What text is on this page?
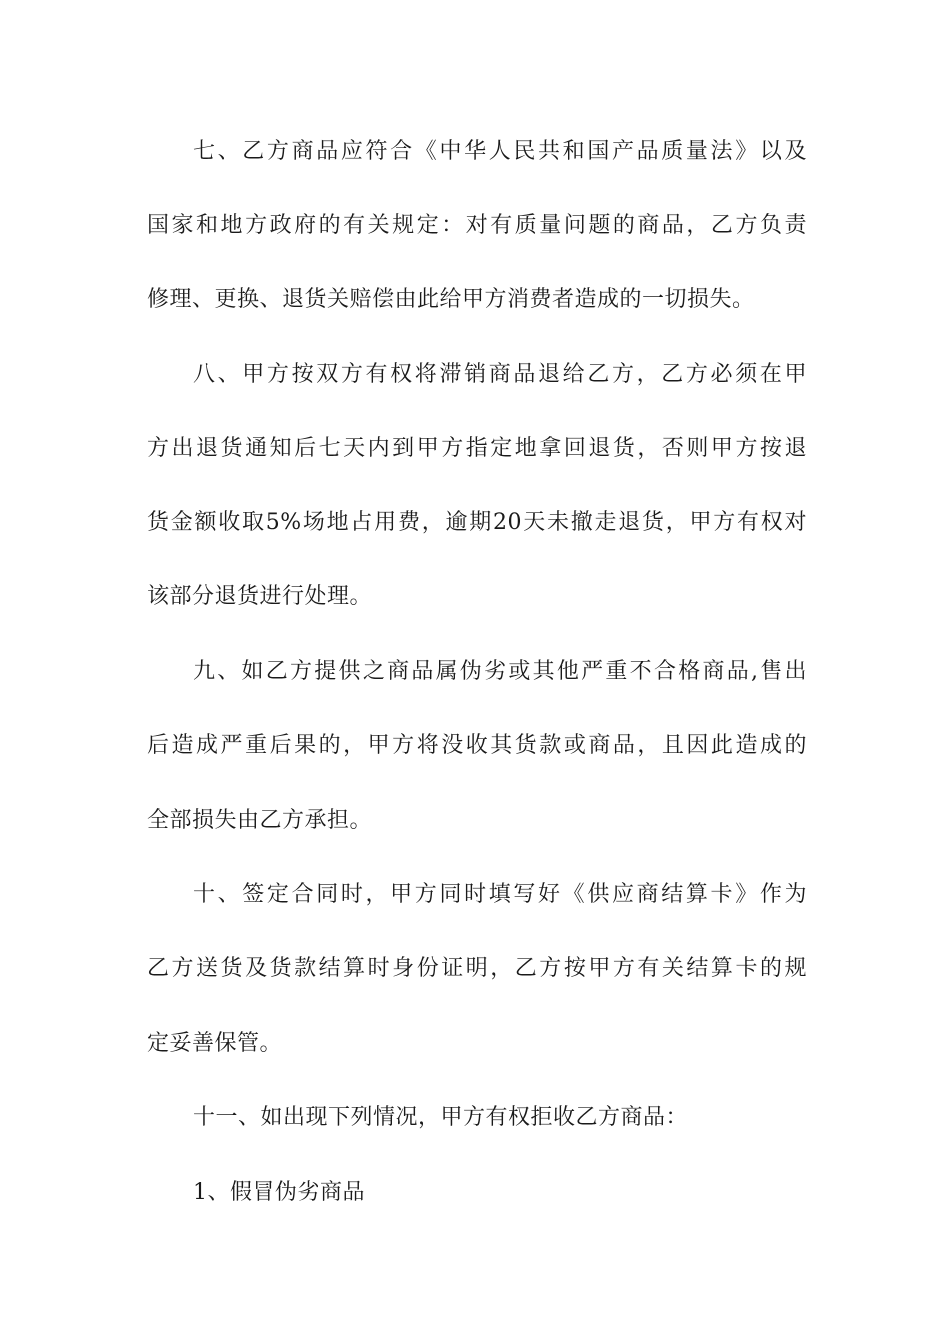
七、乙方商品应符合《中华人民共和国产品质量法》以及
国家和地方政府的有关规定：对有质量问题的商品，乙方负责
修理、更换、退货关赔偿由此给甲方消费者造成的一切损失。
八、甲方按双方有权将滞销商品退给乙方，乙方必须在甲
方出退货通知后七天内到甲方指定地拿回退货，否则甲方按退
货金额收取5%场地占用费，逾期20天未撤走退货，甲方有权对
该部分退货进行处理。
九、如乙方提供之商品属伪劣或其他严重不合格商品,售出
后造成严重后果的，甲方将没收其货款或商品，且因此造成的
全部损失由乙方承担。
十、签定合同时，甲方同时填写好《供应商结算卡》作为
乙方送货及货款结算时身份证明，乙方按甲方有关结算卡的规
定妥善保管。
十一、如出现下列情况，甲方有权拒收乙方商品：
1、假冒伪劣商品
